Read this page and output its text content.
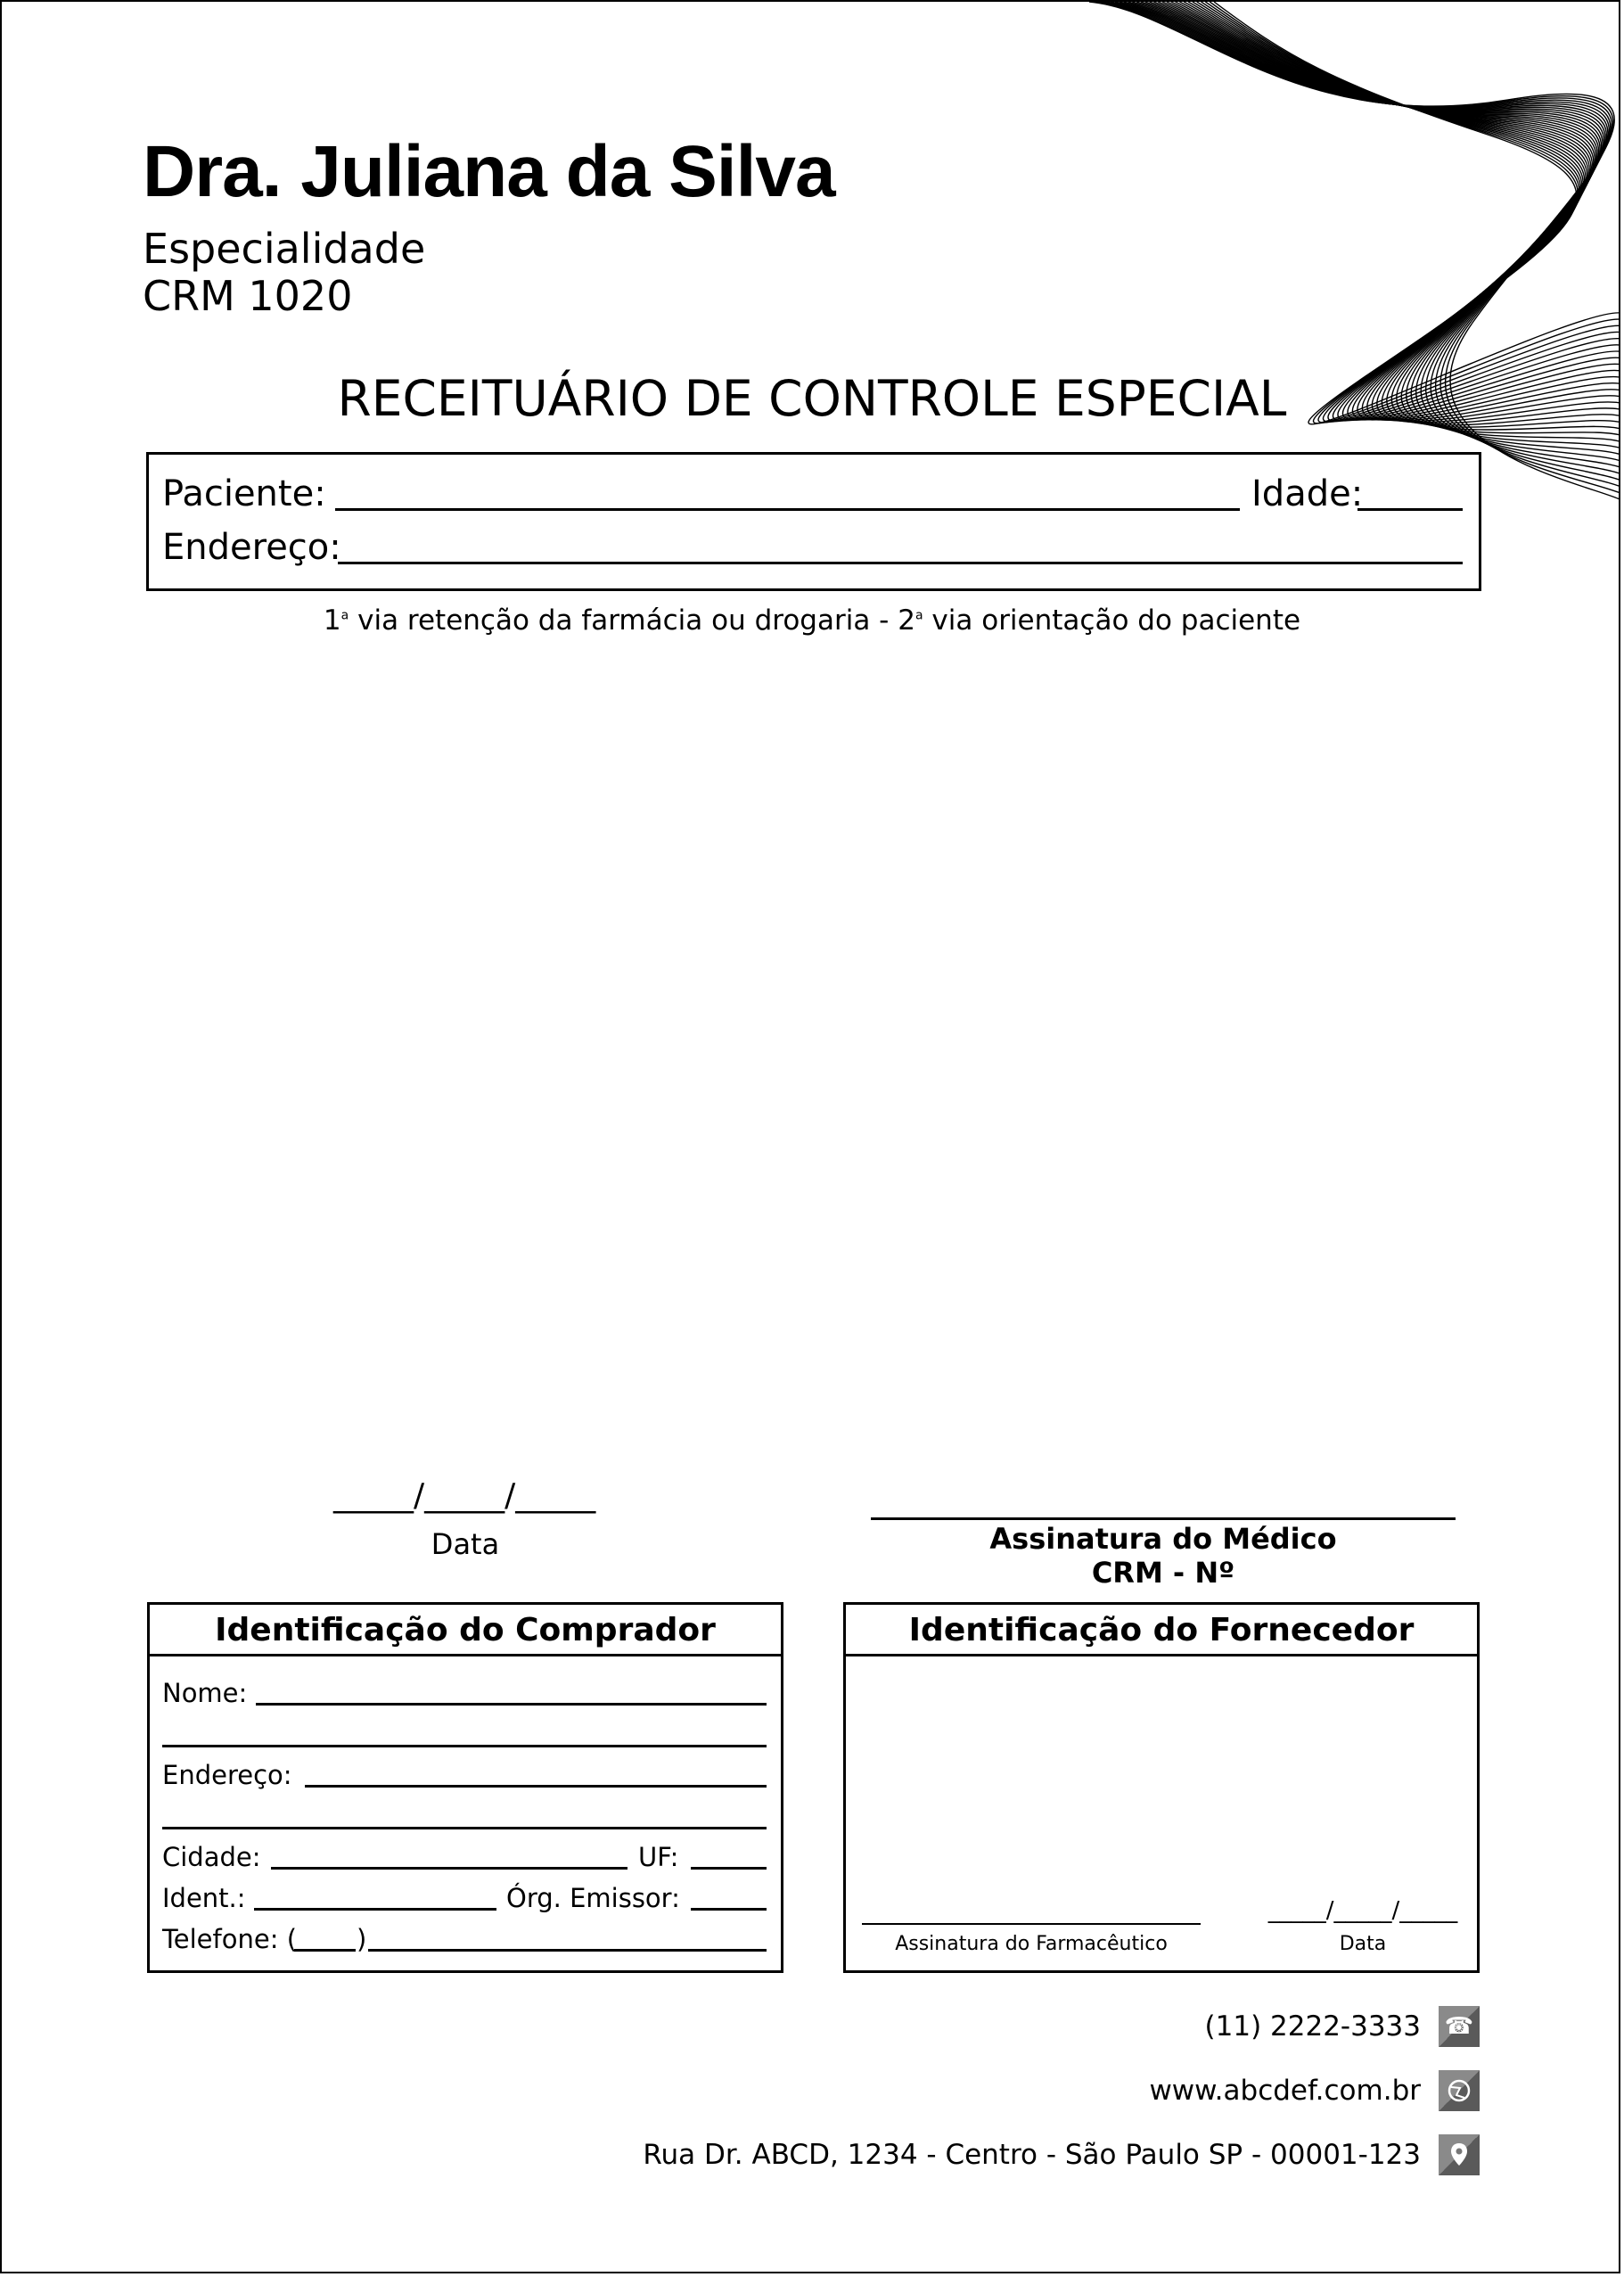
Dra. Juliana da Silva
Especialidade
CRM 1020
RECEITUÁRIO DE CONTROLE ESPECIAL
Paciente:	Idade:
Endereço:
1$^a$ via retenção da farmácia ou drogaria - 2$^a$ via orientação do paciente
_____/_____/_____
Data	Assinatura do Médico
CRM - Nº
Identificação do Comprador
Nome:
Endereço:
Cidade:	UF:
Ident.:	Órg. Emissor:
Telefone: ( )
Identificação do Fornecedor
Assinatura do Farmacêutico
_____/_____/_____
Data
(11) 2222-3333 ☎
www.abcdef.com.br
Rua Dr. ABCD, 1234 - Centro - São Paulo SP - 00001-123
